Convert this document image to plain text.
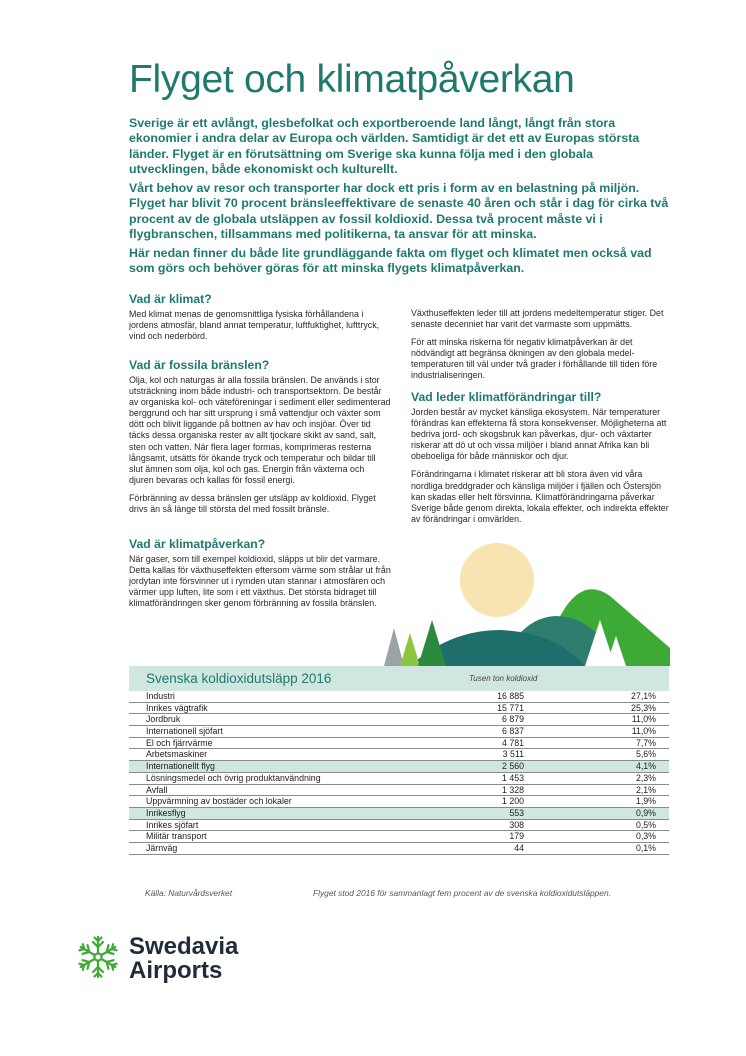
Flyget och klimatpåverkan

Sverige är ett avlångt, glesbefolkat och exportberoende land långt, långt från stora ekonomier i andra delar av Europa och världen. Samtidigt är det ett av Europas största länder. Flyget är en förutsättning om Sverige ska kunna följa med i den globala utvecklingen, både ekonomiskt och kulturellt.

Vårt behov av resor och transporter har dock ett pris i form av en belastning på miljön. Flyget har blivit 70 procent bränsleeffektivare de senaste 40 åren och står i dag för cirka två procent av de globala utsläppen av fossil koldioxid. Dessa två procent måste vi i flygbranschen, tillsammans med politikerna, ta ansvar för att minska.

Här nedan finner du både lite grundläggande fakta om flyget och klimatet men också vad som görs och behöver göras för att minska flygets klimatpåverkan.

Vad är klimat?

Med klimat menas de genomsnittliga fysiska förhållandena i jordens atmosfär, bland annat temperatur, luftfuktighet, lufttryck, vind och nederbörd.

Vad är fossila bränslen?

Olja, kol och naturgas är alla fossila bränslen. De används i stor utsträckning inom både industri- och transportsektorn. De består av organiska kol- och väteföreningar i sediment eller sedimenterad berggrund och har sitt ursprung i små vattendjur och växter som dött och blivit liggande på bottnen av hav och insjöar. Över tid täcks dessa organiska rester av allt tjockare skikt av sand, salt, sten och vatten. När flera lager formas, komprimeras resterna långsamt, utsätts för ökande tryck och temperatur och bildar till slut ämnen som olja, kol och gas. Energin från växterna och djuren bevaras och kallas för fossil energi.

Förbränning av dessa bränslen ger utsläpp av koldioxid. Flyget drivs än så länge till största del med fossilt bränsle.

Vad är klimatpåverkan?

När gaser, som till exempel koldioxid, släpps ut blir det varmare. Detta kallas för växthuseffekten eftersom värme som strålar ut från jordytan inte försvinner ut i rymden utan stannar i atmosfären och värmer upp luften, lite som i ett växthus. Det största bidraget till klimatförändringen sker genom förbränning av fossila bränslen.

Växthuseffekten leder till att jordens medeltemperatur stiger. Det senaste decenniet har varit det varmaste som uppmätts.

För att minska riskerna för negativ klimatpåverkan är det nödvändigt att begränsa ökningen av den globala medeltemperaturen till väl under två grader i förhållande till tiden före industrialiseringen.

Vad leder klimatförändringar till?

Jorden består av mycket känsliga ekosystem. När temperaturer förändras kan effekterna få stora konsekvenser. Möjligheterna att bedriva jord- och skogsbruk kan påverkas, djur- och växtarter riskerar att dö ut och vissa miljöer i bland annat Afrika kan bli obeboeliga för både människor och djur.

Förändringarna i klimatet riskerar att bli stora även vid våra nordliga breddgrader och känsliga miljöer i fjällen och Östersjön kan skadas eller helt försvinna. Klimatförändringarna påverkar Sverige både genom direkta, lokala effekter, och indirekta effekter av förändringar i omvärlden.

Svenska koldioxidutsläpp 2016	Tusen ton koldioxid
Industri	16 885	27,1%
Inrikes vägtrafik	15 771	25,3%
Jordbruk	6 879	11,0%
Internationell sjöfart	6 837	11,0%
El och fjärrvärme	4 781	7,7%
Arbetsmaskiner	3 511	5,6%
Internationellt flyg	2 560	4,1%
Lösningsmedel och övrig produktanvändning	1 453	2,3%
Avfall	1 328	2,1%
Uppvärmning av bostäder och lokaler	1 200	1,9%
Inrikesflyg	553	0,9%
Inrikes sjöfart	308	0,5%
Militär transport	179	0,3%
Järnväg	44	0,1%
Källa: Naturvårdsverket	Flyget stod 2016 för sammanlagt fem procent av de svenska koldioxidutsläppen.
Swedavia
Airports
